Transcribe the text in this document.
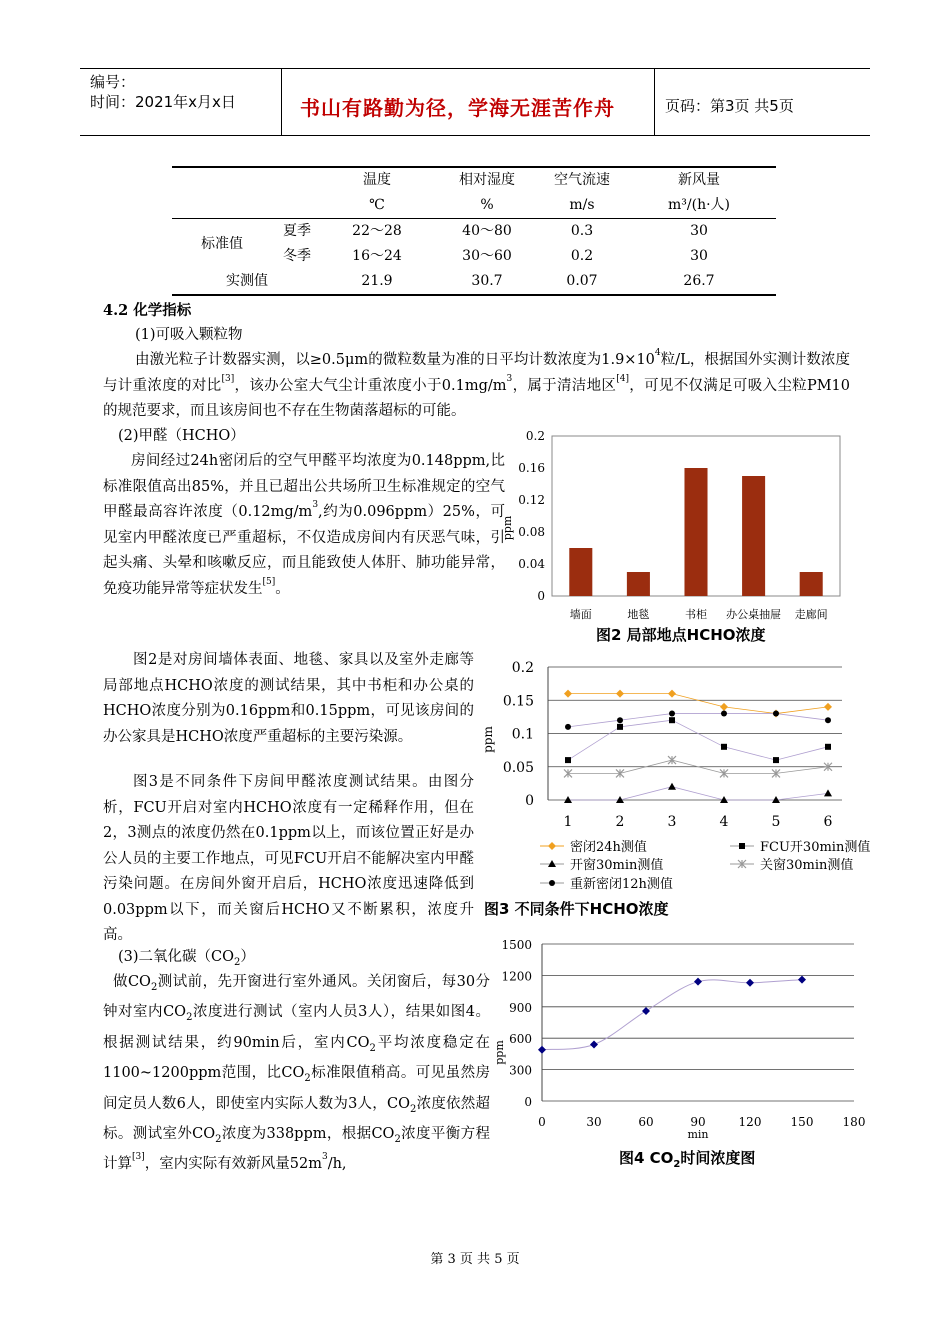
编号：
时间：2021年x月x日	书山有路勤为径，学海无涯苦作舟	页码：第3页 共5页
		温度	相对湿度	空气流速	新风量
		℃	%	m/s	m³/(h·人)
标准值	夏季	22～28	40～80	0.3	30
	冬季	16～24	30～60	0.2	30
实测值		21.9	30.7	0.07	26.7
4.2 化学指标
(1)可吸入颗粒物
由激光粒子计数器实测，以≥0.5μm的微粒数量为准的日平均计数浓度为$1.9\times 10^4$粒/L，根据国外实测计数浓度与计重浓度的对比[3]，该办公室大气尘计重浓度小于$0.1mg/m^3$，属于清洁地区[4]，可见不仅满足可吸入尘粒PM10的规范要求，而且该房间也不存在生物菌落超标的可能。
(2)甲醛（HCHO）
房间经过24h密闭后的空气甲醛平均浓度为0.148ppm,比标准限值高出85%，并且已超出公共场所卫生标准规定的空气甲醛最高容许浓度（$0.12mg/m^3$,约为0.096ppm）25%，可见室内甲醛浓度已严重超标，不仅造成房间内有厌恶气味，引起头痛、头晕和咳嗽反应，而且能致使人体肝、肺功能异常，免疫功能异常等症状发生[5]。
图2是对房间墙体表面、地毯、家具以及室外走廊等局部地点HCHO浓度的测试结果，其中书柜和办公桌的HCHO浓度分别为0.16ppm和0.15ppm，可见该房间的办公家具是HCHO浓度严重超标的主要污染源。
图3是不同条件下房间甲醛浓度测试结果。由图分析，FCU开启对室内HCHO浓度有一定稀释作用，但在2，3测点的浓度仍然在0.1ppm以上，而该位置正好是办公人员的主要工作地点，可见FCU开启不能解决室内甲醛污染问题。在房间外窗开启后，HCHO浓度迅速降低到0.03ppm以下，而关窗后HCHO又不断累积，浓度升高。
(3)二氧化碳$(CO_2)$
做$CO_2$测试前，先开窗进行室外通风。关闭窗后，每30分钟对室内$CO_2$浓度进行测试（室内人员3人），结果如图4。根据测试结果，约90min后，室内$CO_2$平均浓度稳定在1100~1200ppm范围，比$CO_2$标准限值稍高。可见虽然房间定员人数6人，即使室内实际人数为3人，$CO_2$浓度依然超标。测试室外$CO_2$浓度为338ppm，根据$CO_2$浓度平衡方程计算[3]，室内实际有效新风量$52m^3/h$,
0
0.04
0.08
0.12
0.16
0.2
ppm
墙面	地毯	书柜 办公桌抽屉 走廊间
图2 局部地点HCHO浓度
0
0.05
0.1
0.15
0.2
ppm
1	2	3	4	5	6
密闭24h测值	FCU开30min测值
开窗30min测值	关窗30min测值
重新密闭12h测值
图3 不同条件下HCHO浓度
0
300
600
900
1200
1500
0	30	60	90	120 150 180
min
ppm
图4 $CO_2$时间浓度图
第 3 页 共 5 页
